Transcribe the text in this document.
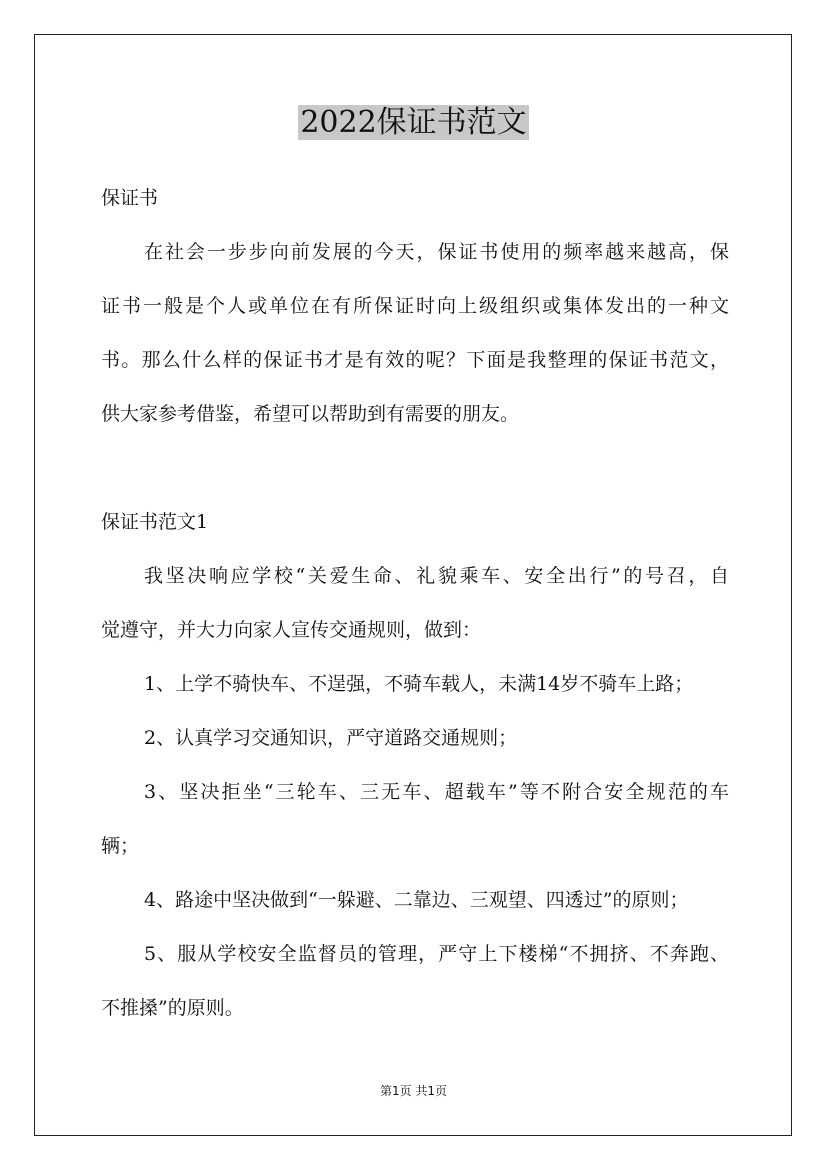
2022保证书范文

保证书

在社会一步步向前发展的今天，保证书使用的频率越来越高，保

证书一般是个人或单位在有所保证时向上级组织或集体发出的一种文

书。那么什么样的保证书才是有效的呢？下面是我整理的保证书范文，

供大家参考借鉴，希望可以帮助到有需要的朋友。

保证书范文1

我坚决响应学校“关爱生命、礼貌乘车、安全出行”的号召，自

觉遵守，并大力向家人宣传交通规则，做到：

1、上学不骑快车、不逞强，不骑车载人，未满14岁不骑车上路；

2、认真学习交通知识，严守道路交通规则；

3、坚决拒坐“三轮车、三无车、超载车”等不附合安全规范的车

辆；

4、路途中坚决做到“一躲避、二靠边、三观望、四透过”的原则；

5、服从学校安全监督员的管理，严守上下楼梯“不拥挤、不奔跑、

不推搡”的原则。

第1页 共1页
